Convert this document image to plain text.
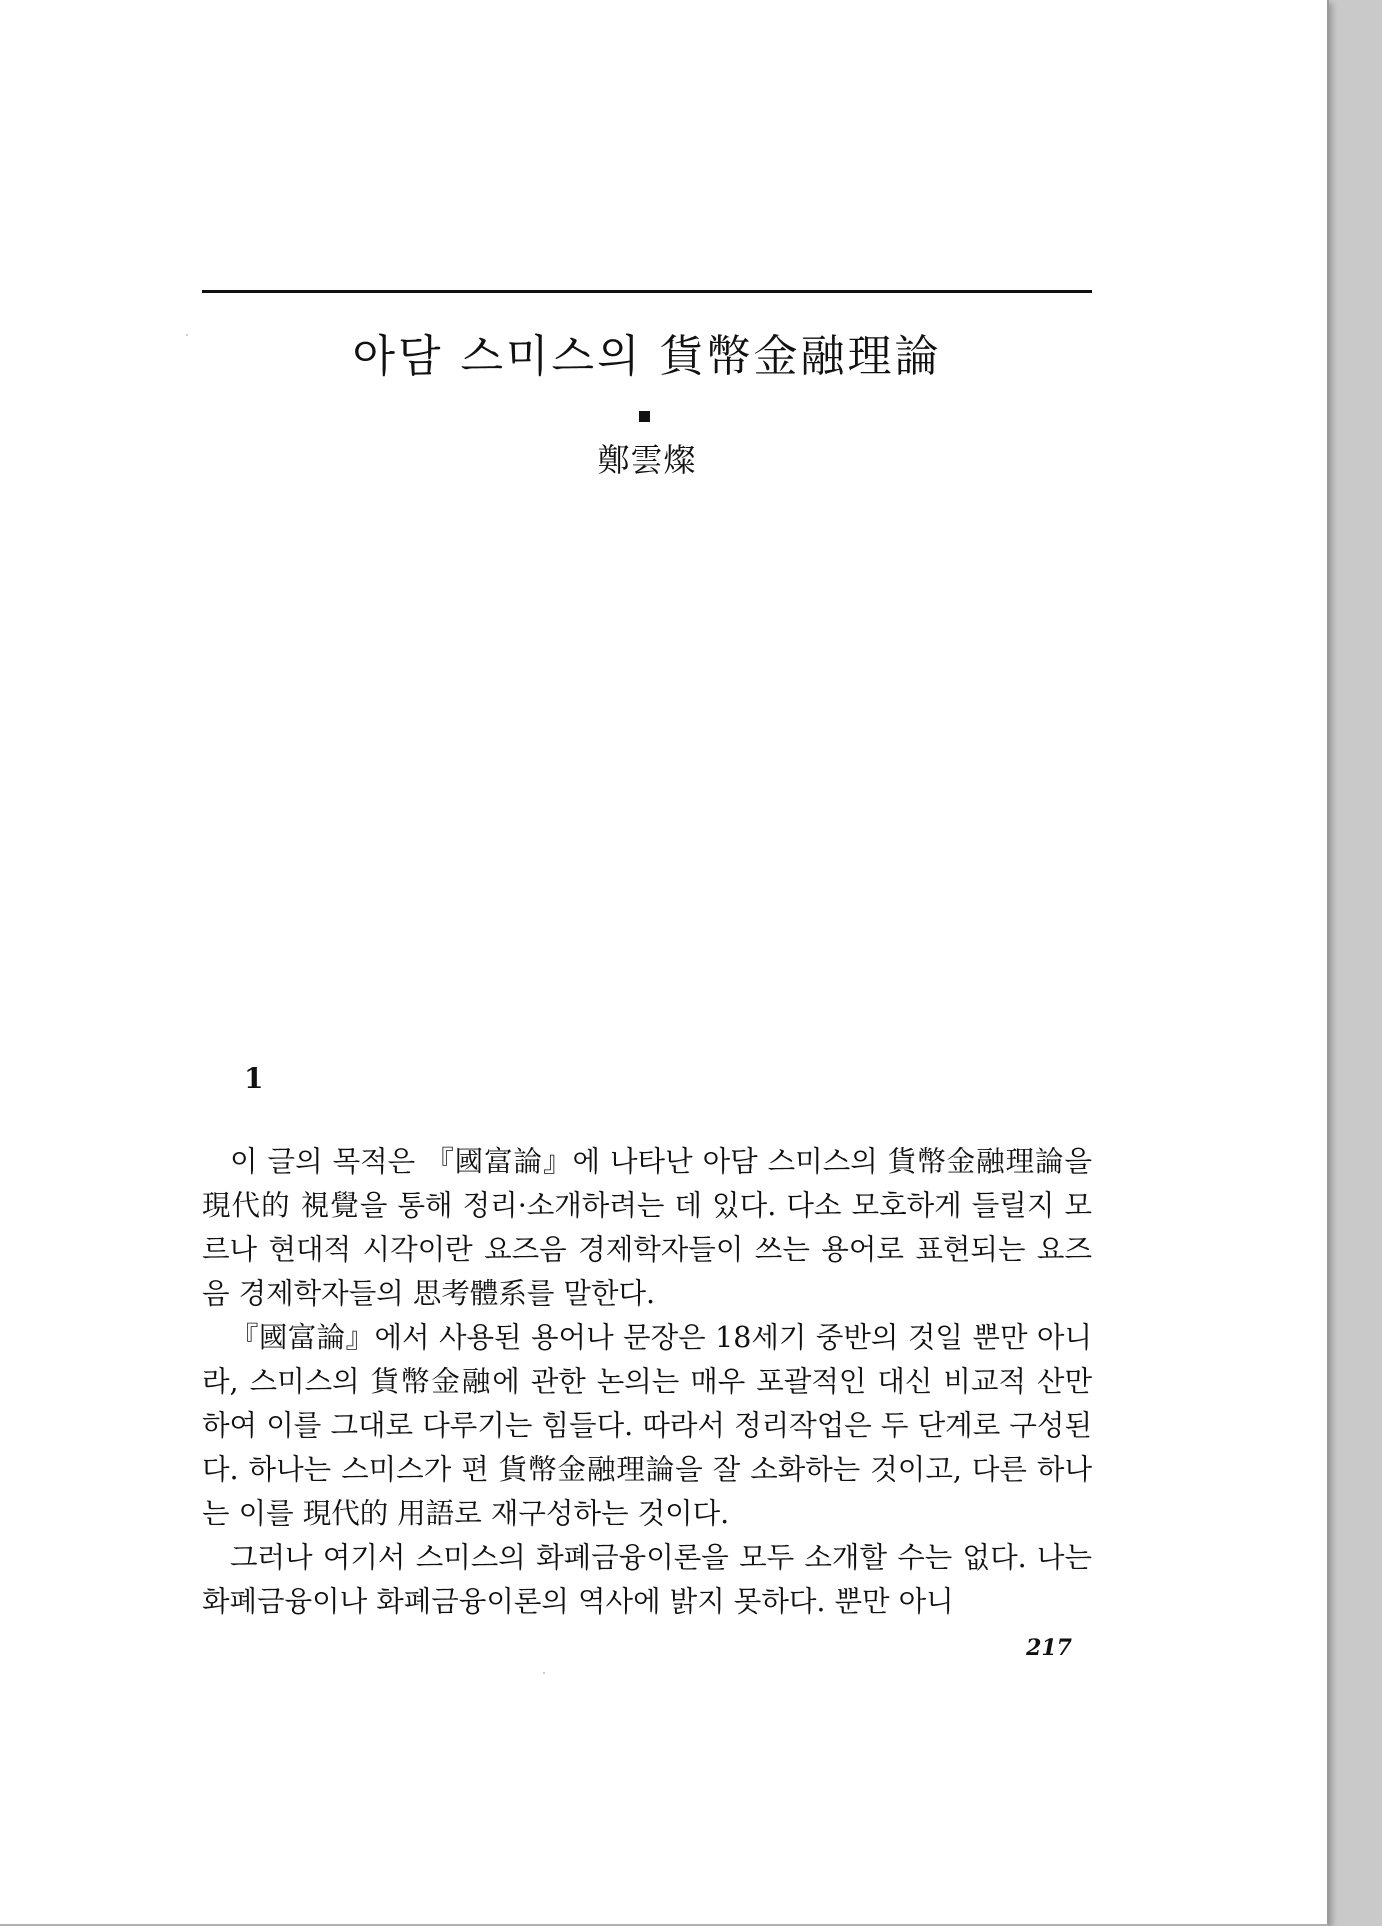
아담 스미스의 貨幣金融理論

鄭雲燦

1

이 글의 목적은 『國富論』에 나타난 아담 스미스의 貨幣金融理論을 現代的 視覺을 통해 정리·소개하려는 데 있다. 다소 모호하게 들릴지 모르나 현대적 시각이란 요즈음 경제학자들이 쓰는 용어로 표현되는 요즈음 경제학자들의 思考體系를 말한다.

『國富論』에서 사용된 용어나 문장은 18세기 중반의 것일 뿐만 아니라, 스미스의 貨幣金融에 관한 논의는 매우 포괄적인 대신 비교적 산만하여 이를 그대로 다루기는 힘들다. 따라서 정리작업은 두 단계로 구성된다. 하나는 스미스가 편 貨幣金融理論을 잘 소화하는 것이고, 다른 하나는 이를 現代的 用語로 재구성하는 것이다.

그러나 여기서 스미스의 화폐금융이론을 모두 소개할 수는 없다. 나는 화폐금융이나 화폐금융이론의 역사에 밝지 못하다. 뿐만 아니

217
